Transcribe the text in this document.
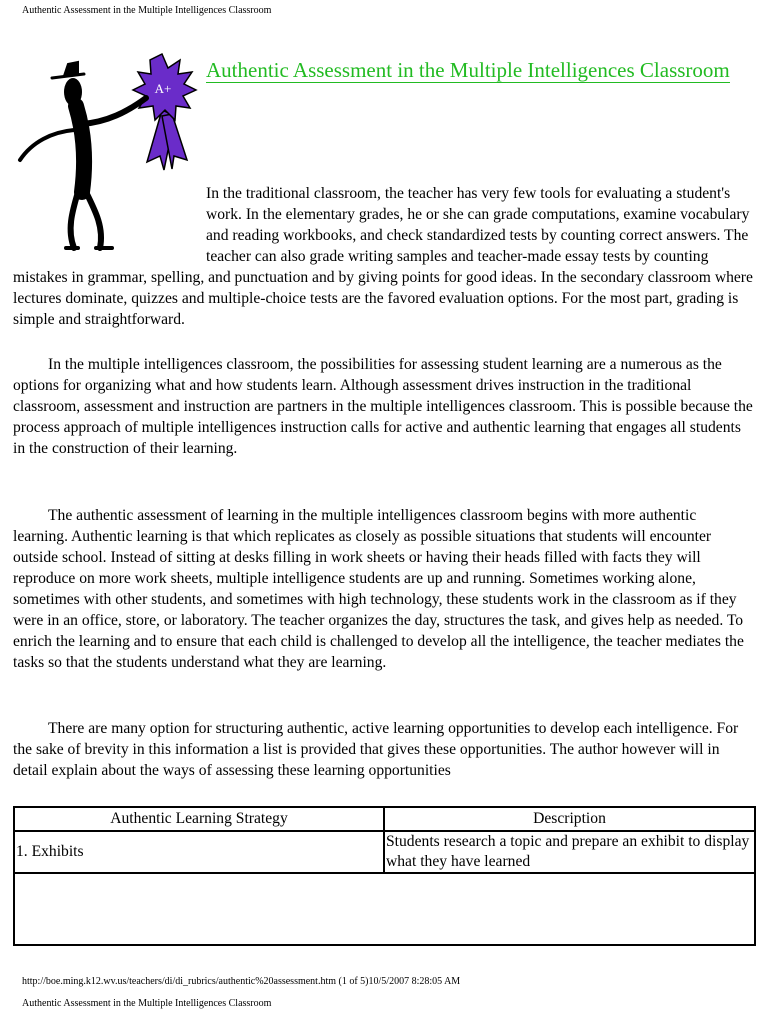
Authentic Assessment in the Multiple Intelligences Classroom
A+
Authentic Assessment in the Multiple Intelligences Classroom

In the traditional classroom, the teacher has very few tools for evaluating a student's work. In the elementary grades, he or she can grade computations, examine vocabulary and reading workbooks, and check standardized tests by counting correct answers. The teacher can also grade writing samples and teacher-made essay tests by counting mistakes in grammar, spelling, and punctuation and by giving points for good ideas. In the secondary classroom where lectures dominate, quizzes and multiple-choice tests are the favored evaluation options. For the most part, grading is simple and straightforward.

In the multiple intelligences classroom, the possibilities for assessing student learning are a numerous as the options for organizing what and how students learn. Although assessment drives instruction in the traditional classroom, assessment and instruction are partners in the multiple intelligences classroom. This is possible because the process approach of multiple intelligences instruction calls for active and authentic learning that engages all students in the construction of their learning.

The authentic assessment of learning in the multiple intelligences classroom begins with more authentic learning. Authentic learning is that which replicates as closely as possible situations that students will encounter outside school. Instead of sitting at desks filling in work sheets or having their heads filled with facts they will reproduce on more work sheets, multiple intelligence students are up and running. Sometimes working alone, sometimes with other students, and sometimes with high technology, these students work in the classroom as if they were in an office, store, or laboratory. The teacher organizes the day, structures the task, and gives help as needed. To enrich the learning and to ensure that each child is challenged to develop all the intelligence, the teacher mediates the tasks so that the students understand what they are learning.

There are many option for structuring authentic, active learning opportunities to develop each intelligence. For the sake of brevity in this information a list is provided that gives these opportunities. The author however will in detail explain about the ways of assessing these learning opportunities

Authentic Learning Strategy	Description
1. Exhibits	Students research a topic and prepare an exhibit to display what they have learned

http://boe.ming.k12.wv.us/teachers/di/di_rubrics/authentic%20assessment.htm (1 of 5)10/5/2007 8:28:05 AM
Authentic Assessment in the Multiple Intelligences Classroom
